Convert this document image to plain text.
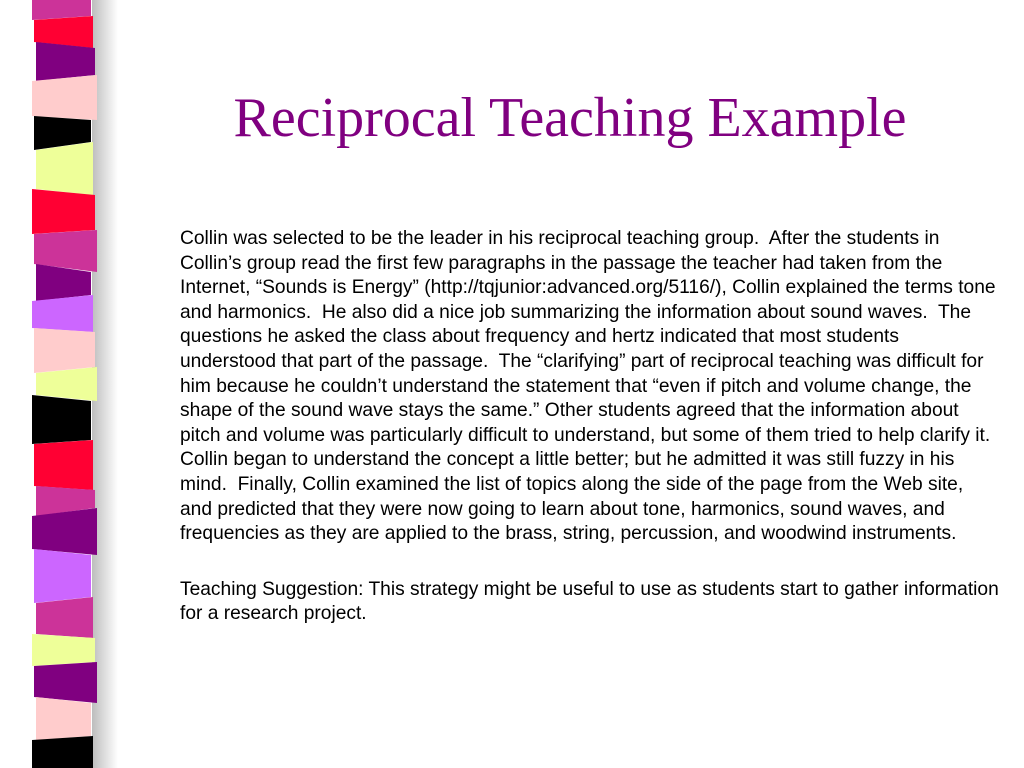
Reciprocal Teaching Example

Collin was selected to be the leader in his reciprocal teaching group.  After the students in Collin’s group read the first few paragraphs in the passage the teacher had taken from the Internet, “Sounds is Energy” (http://tqjunior:advanced.org/5116/), Collin explained the terms tone and harmonics.  He also did a nice job summarizing the information about sound waves.  The questions he asked the class about frequency and hertz indicated that most students understood that part of the passage.  The “clarifying” part of reciprocal teaching was difficult for him because he couldn’t understand the statement that “even if pitch and volume change, the shape of the sound wave stays the same.” Other students agreed that the information about pitch and volume was particularly difficult to understand, but some of them tried to help clarify it.  Collin began to understand the concept a little better; but he admitted it was still fuzzy in his mind.  Finally, Collin examined the list of topics along the side of the page from the Web site, and predicted that they were now going to learn about tone, harmonics, sound waves, and frequencies as they are applied to the brass, string, percussion, and woodwind instruments.

Teaching Suggestion: This strategy might be useful to use as students start to gather information for a research project.
